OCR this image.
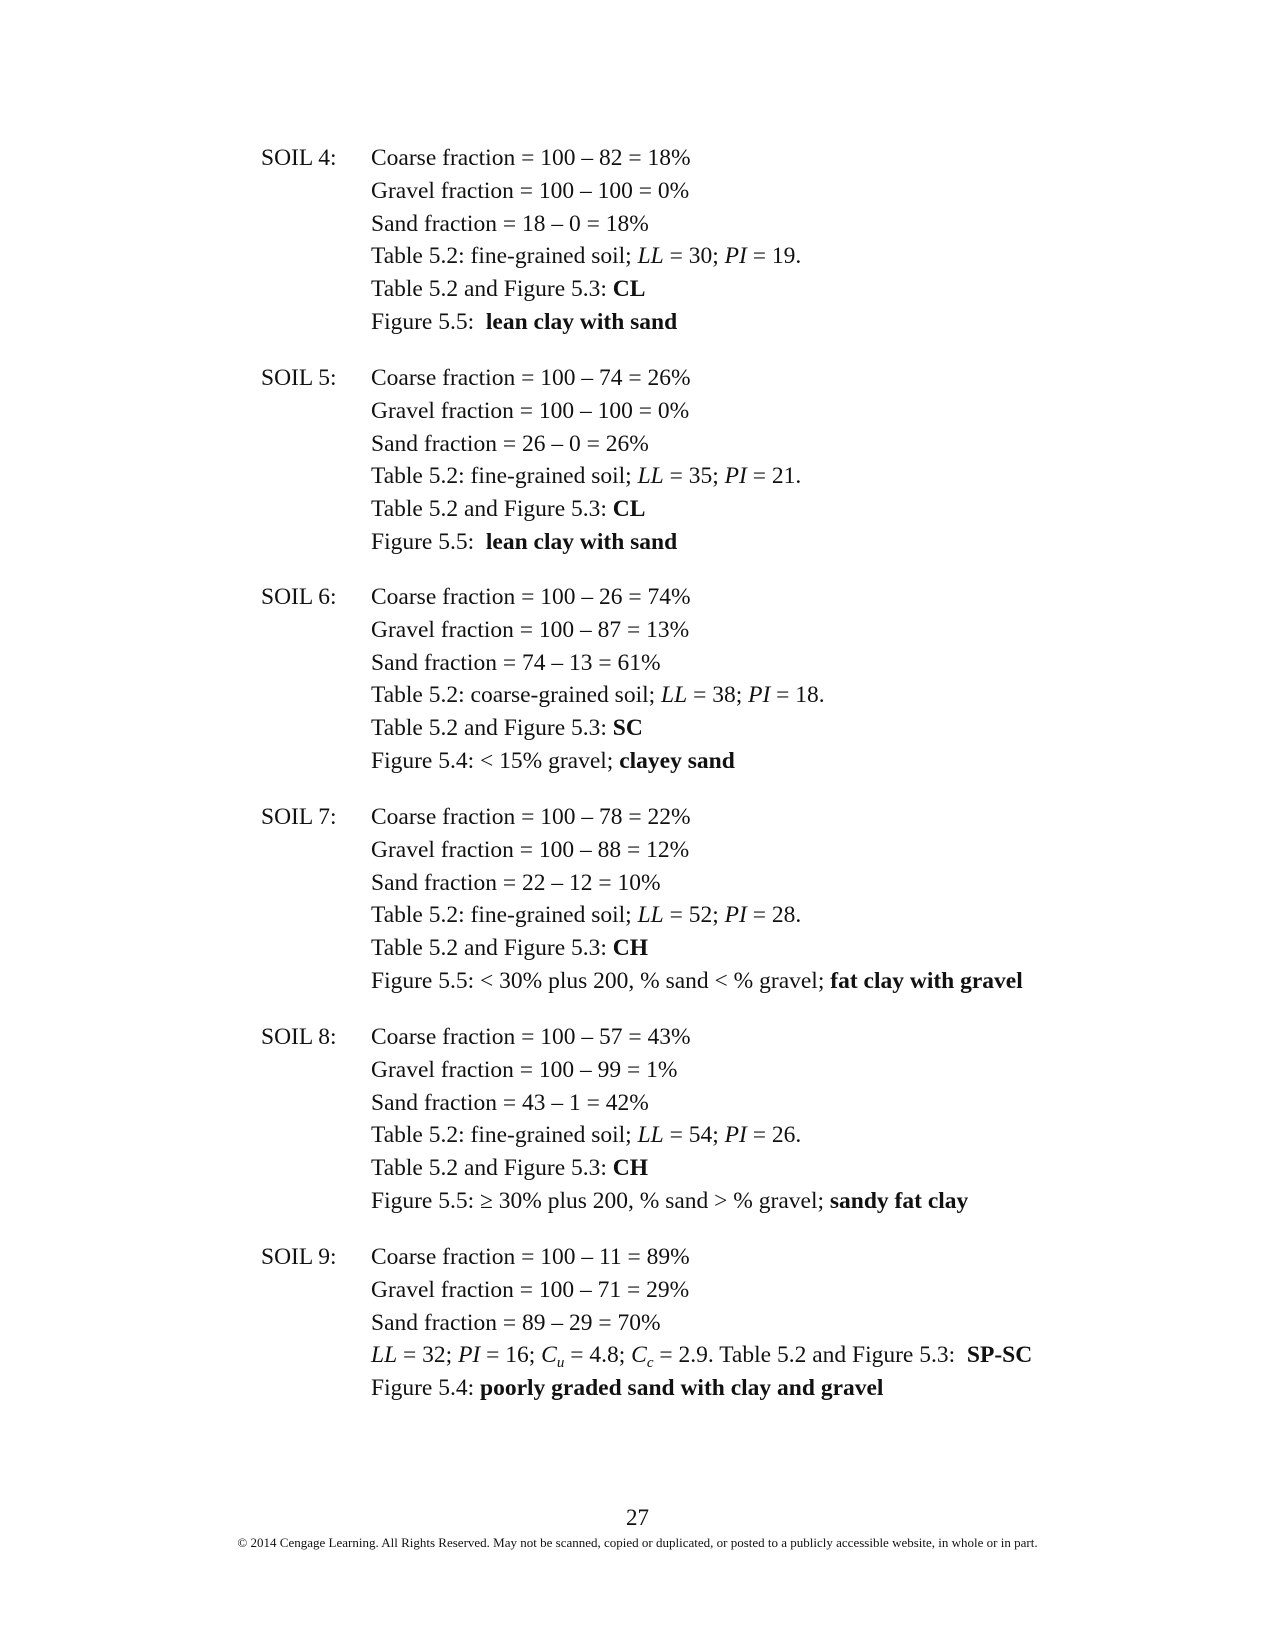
SOIL 4: Coarse fraction = 100 – 82 = 18%
Gravel fraction = 100 – 100 = 0%
Sand fraction = 18 – 0 = 18%
Table 5.2: fine-grained soil; LL = 30; PI = 19.
Table 5.2 and Figure 5.3: CL
Figure 5.5:  lean clay with sand
SOIL 5: Coarse fraction = 100 – 74 = 26%
Gravel fraction = 100 – 100 = 0%
Sand fraction = 26 – 0 = 26%
Table 5.2: fine-grained soil; LL = 35; PI = 21.
Table 5.2 and Figure 5.3: CL
Figure 5.5:  lean clay with sand
SOIL 6: Coarse fraction = 100 – 26 = 74%
Gravel fraction = 100 – 87 = 13%
Sand fraction = 74 – 13 = 61%
Table 5.2: coarse-grained soil; LL = 38; PI = 18.
Table 5.2 and Figure 5.3: SC
Figure 5.4: < 15% gravel; clayey sand
SOIL 7: Coarse fraction = 100 – 78 = 22%
Gravel fraction = 100 – 88 = 12%
Sand fraction = 22 – 12 = 10%
Table 5.2: fine-grained soil; LL = 52; PI = 28.
Table 5.2 and Figure 5.3: CH
Figure 5.5: < 30% plus 200, % sand < % gravel; fat clay with gravel
SOIL 8: Coarse fraction = 100 – 57 = 43%
Gravel fraction = 100 – 99 = 1%
Sand fraction = 43 – 1 = 42%
Table 5.2: fine-grained soil; LL = 54; PI = 26.
Table 5.2 and Figure 5.3: CH
Figure 5.5: ≥ 30% plus 200, % sand > % gravel; sandy fat clay
SOIL 9: Coarse fraction = 100 – 11 = 89%
Gravel fraction = 100 – 71 = 29%
Sand fraction = 89 – 29 = 70%
LL = 32; PI = 16; $C_u = 4.8$; $C_c = 2.9$. Table 5.2 and Figure 5.3:  SP-SC
Figure 5.4: poorly graded sand with clay and gravel
27
© 2014 Cengage Learning. All Rights Reserved. May not be scanned, copied or duplicated, or posted to a publicly accessible website, in whole or in part.
